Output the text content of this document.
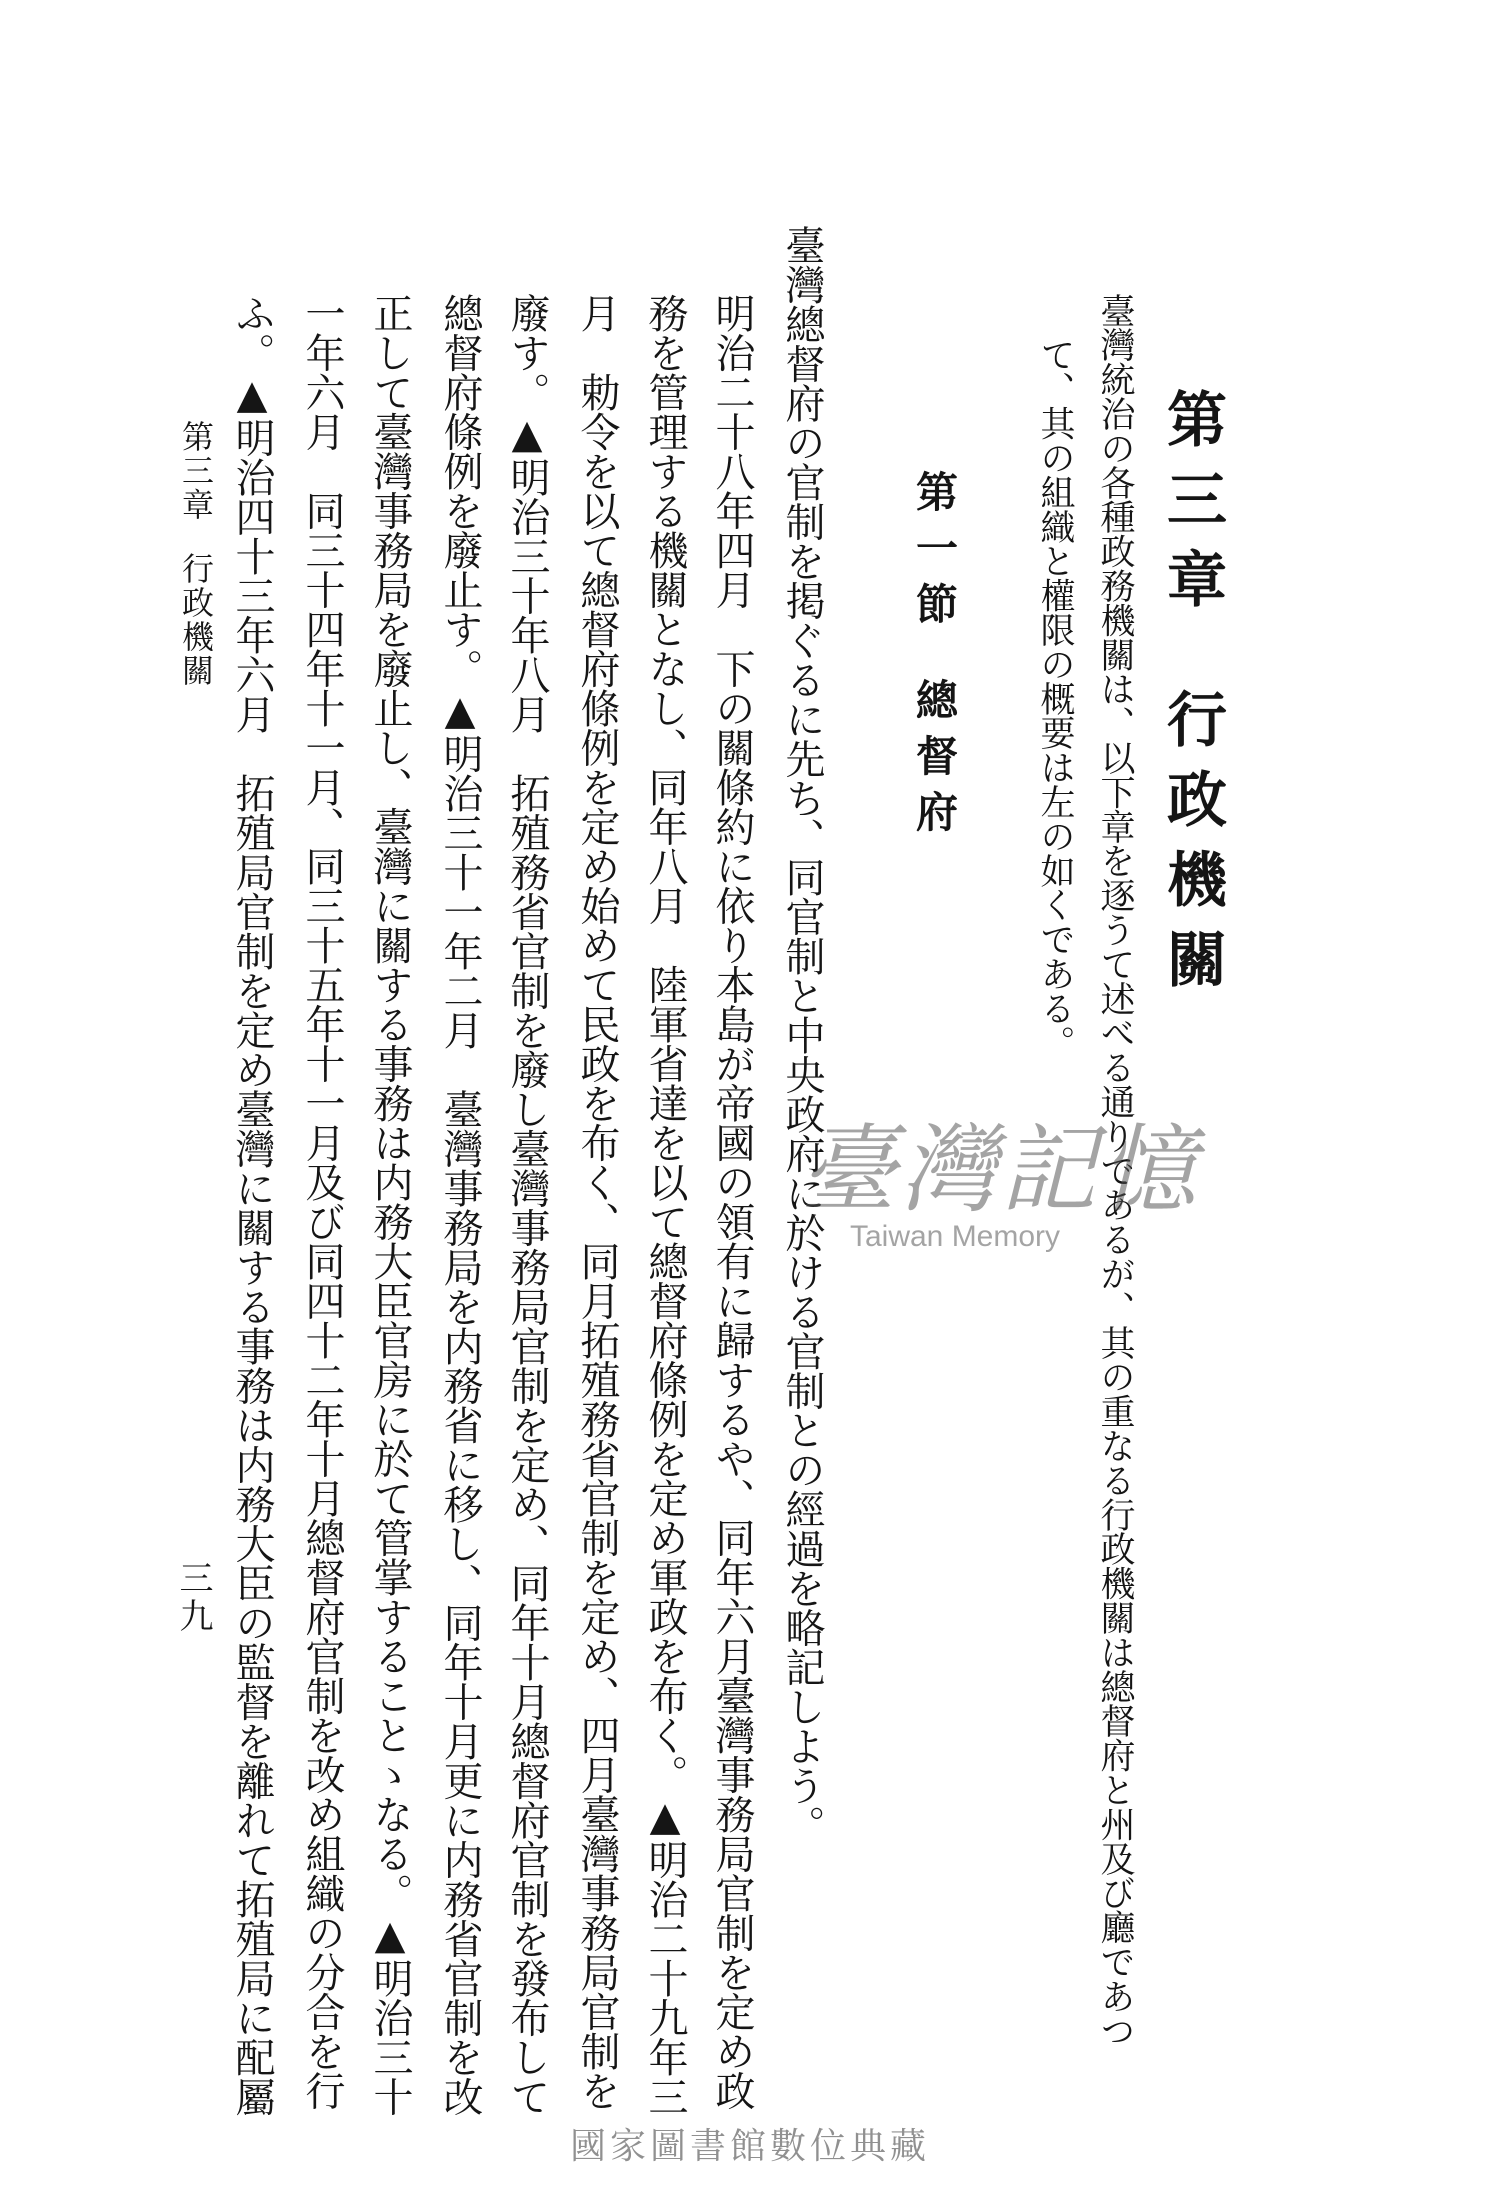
第三章行政機關
臺灣統治の各種政務機關は、以下章を逐うて述べる通りであるが、其の重なる行政機關は總督府と州及び廳であつ
て、其の組織と權限の概要は左の如くである。
第一節總督府
臺灣總督府の官制を掲ぐるに先ち、同官制と中央政府に於ける官制との經過を略記しよう。
明治二十八年四月　下の關條約に依り本島が帝國の領有に歸するや、同年六月臺灣事務局官制を定め政
務を管理する機關となし、同年八月　陸軍省達を以て總督府條例を定め軍政を布く。▲明治二十九年三
月　勅令を以て總督府條例を定め始めて民政を布く、同月拓殖務省官制を定め、四月臺灣事務局官制を
廢す。▲明治三十年八月　拓殖務省官制を廢し臺灣事務局官制を定め、同年十月總督府官制を發布して
總督府條例を廢止す。▲明治三十一年二月　臺灣事務局を内務省に移し、同年十月更に内務省官制を改
正して臺灣事務局を廢止し、臺灣に關する事務は内務大臣官房に於て管掌することゝなる。▲明治三十
一年六月　同三十四年十一月、同三十五年十一月及び同四十二年十月總督府官制を改め組織の分合を行
ふ。▲明治四十三年六月　拓殖局官制を定め臺灣に關する事務は内務大臣の監督を離れて拓殖局に配屬
第三章行政機關
三九
臺灣記憶
Taiwan Memory
國家圖書館數位典藏
